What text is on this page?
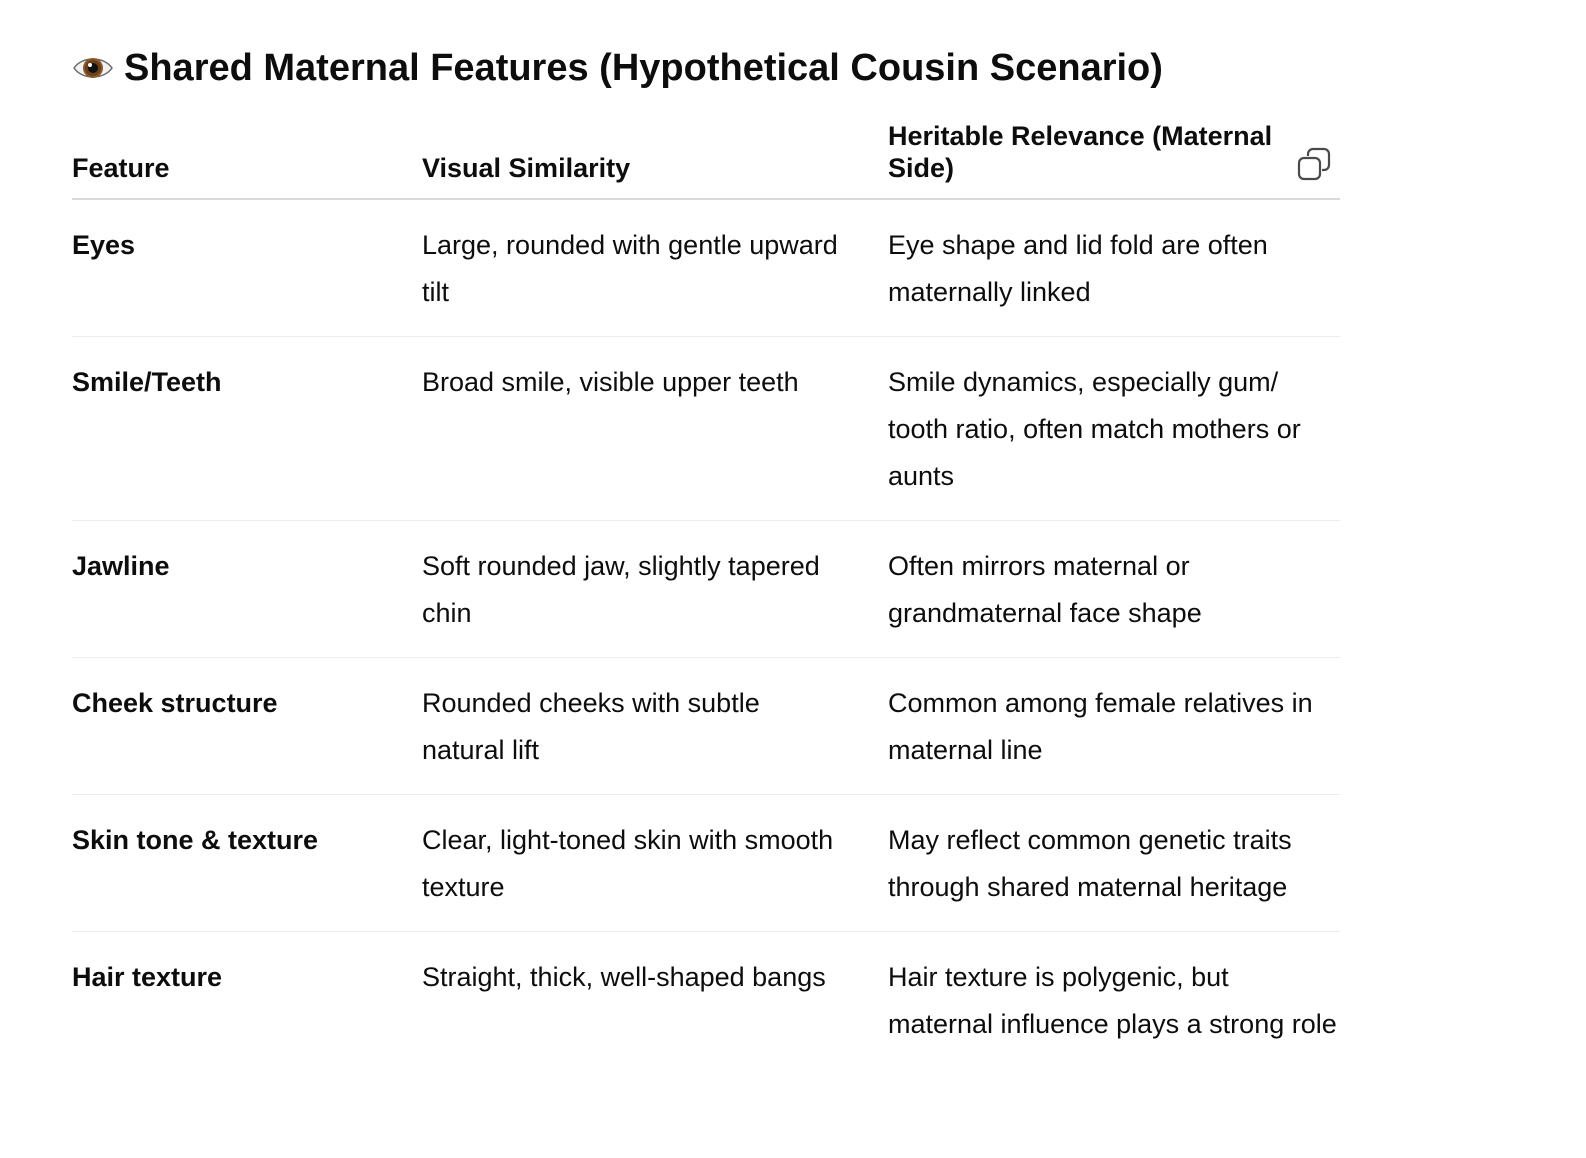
Shared Maternal Features (Hypothetical Cousin Scenario)
Feature	Visual Similarity	Heritable Relevance (Maternal Side)

Eyes	Large, rounded with gentle upward tilt	Eye shape and lid fold are often maternally linked
Smile/Teeth	Broad smile, visible upper teeth	Smile dynamics, especially gum/ tooth ratio, often match mothers or aunts
Jawline	Soft rounded jaw, slightly tapered chin	Often mirrors maternal or grandmaternal face shape
Cheek structure	Rounded cheeks with subtle natural lift	Common among female relatives in maternal line
Skin tone & texture	Clear, light-toned skin with smooth texture	May reflect common genetic traits through shared maternal heritage
Hair texture	Straight, thick, well-shaped bangs	Hair texture is polygenic, but maternal influence plays a strong role
